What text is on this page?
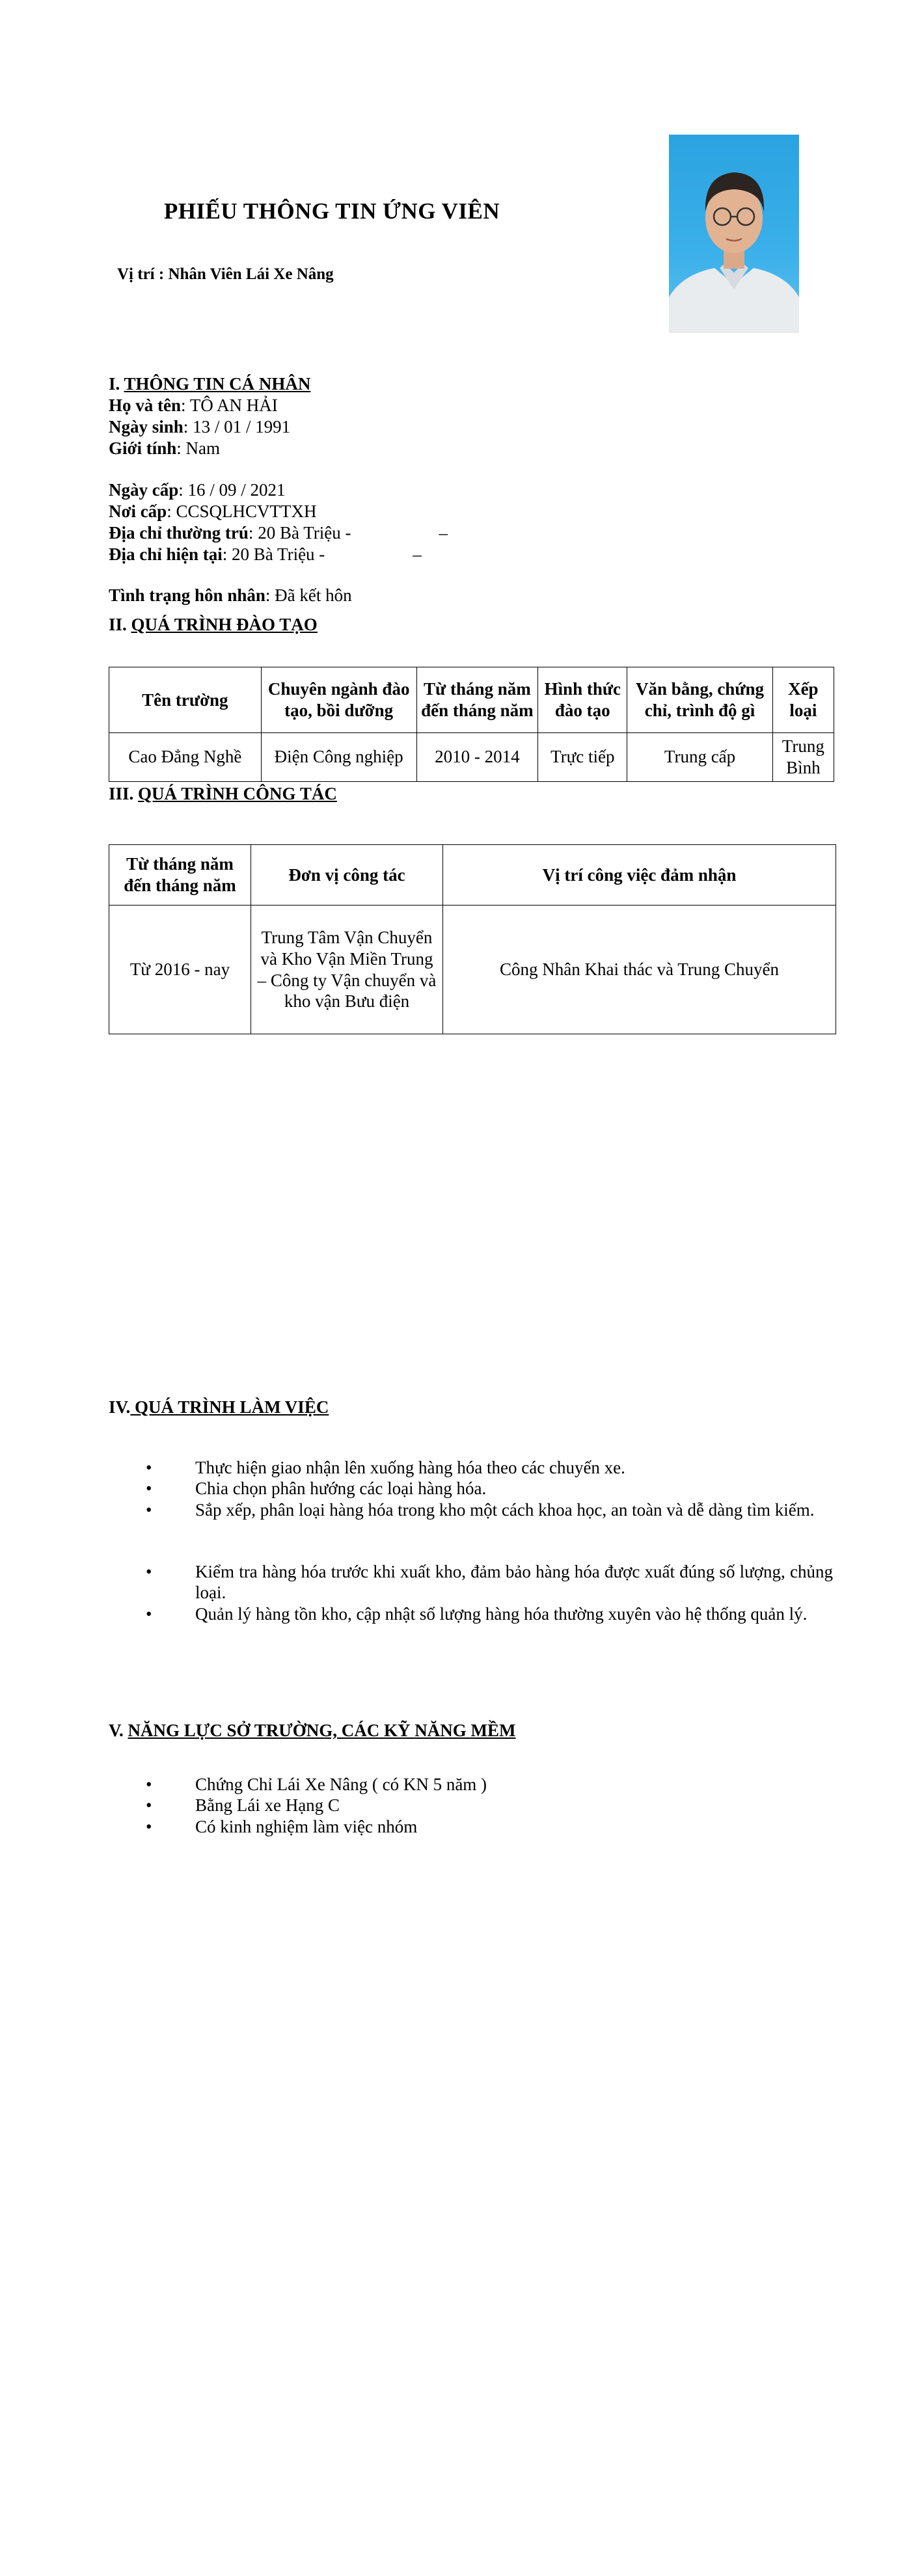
PHIẾU THÔNG TIN ỨNG VIÊN
Vị trí : Nhân Viên Lái Xe Nâng
I. THÔNG TIN CÁ NHÂN
Họ và tên: TÔ AN HẢI
Ngày sinh: 13 / 01 / 1991
Giới tính: Nam
Ngày cấp: 16 / 09 / 2021
Nơi cấp: CCSQLHCVTTXH
Địa chỉ thường trú: 20 Bà Triệu -                    –
Địa chỉ hiện tại: 20 Bà Triệu -                    –
Tình trạng hôn nhân: Đã kết hôn
II. QUÁ TRÌNH ĐÀO TẠO
Tên trường	Chuyên ngành đào tạo, bồi dưỡng	Từ tháng năm đến tháng năm	Hình thức đào tạo	Văn bằng, chứng chỉ, trình độ gì	Xếp loại
Cao Đẳng Nghề	Điện Công nghiệp	2010 - 2014	Trực tiếp	Trung cấp	Trung Bình
III. QUÁ TRÌNH CÔNG TÁC
Từ tháng năm đến tháng năm	Đơn vị công tác	Vị trí công việc đảm nhận
Từ 2016 - nay	Trung Tâm Vận Chuyển và Kho Vận Miền Trung – Công ty Vận chuyển và kho vận Bưu điện	Công Nhân Khai thác và Trung Chuyển
IV. QUÁ TRÌNH LÀM VIỆC
• Thực hiện giao nhận lên xuống hàng hóa theo các chuyến xe.
• Chia chọn phân hướng các loại hàng hóa.
• Sắp xếp, phân loại hàng hóa trong kho một cách khoa học, an toàn và dễ dàng tìm kiếm.
• Kiểm tra hàng hóa trước khi xuất kho, đảm bảo hàng hóa được xuất đúng số lượng, chủng loại.
• Quản lý hàng tồn kho, cập nhật số lượng hàng hóa thường xuyên vào hệ thống quản lý.
V. NĂNG LỰC SỞ TRƯỜNG, CÁC KỸ NĂNG MỀM
• Chứng Chỉ Lái Xe Nâng ( có KN 5 năm )
• Bằng Lái xe Hạng C
• Có kinh nghiệm làm việc nhóm
